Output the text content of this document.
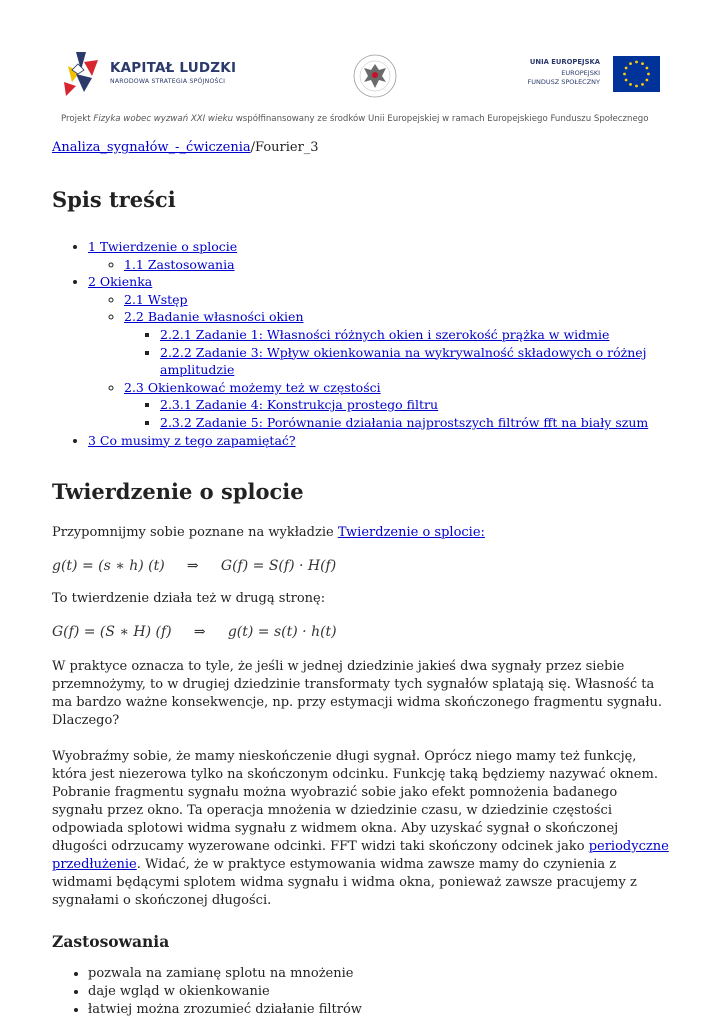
KAPITAŁ LUDZKI
NARODOWA STRATEGIA SPÓJNOŚCI
UNIA EUROPEJSKA
EUROPEJSKI
FUNDUSZ SPOŁECZNY
Projekt Fizyka wobec wyzwań XXI wieku współfinansowany ze środków Unii Europejskiej w ramach Europejskiego Funduszu Społecznego
Analiza_sygnałów_-_ćwiczenia/Fourier_3
Spis treści
• 1 Twierdzenie o splocie
◦ 1.1 Zastosowania
• 2 Okienka
◦ 2.1 Wstęp
◦ 2.2 Badanie własności okien
▪ 2.2.1 Zadanie 1: Własności różnych okien i szerokość prążka w widmie
▪ 2.2.2 Zadanie 3: Wpływ okienkowania na wykrywalność składowych o różnej amplitudzie
◦ 2.3 Okienkować możemy też w częstości
▪ 2.3.1 Zadanie 4: Konstrukcja prostego filtru
▪ 2.3.2 Zadanie 5: Porównanie działania najprostszych filtrów fft na biały szum
• 3 Co musimy z tego zapamiętać?
Twierdzenie o splocie

Przypomnijmy sobie poznane na wykładzie Twierdzenie o splocie:

g(t) = (s ∗ h) (t)     ⇒     G(f) = S(f) · H(f)

To twierdzenie działa też w drugą stronę:

G(f) = (S ∗ H) (f)     ⇒     g(t) = s(t) · h(t)

W praktyce oznacza to tyle, że jeśli w jednej dziedzinie jakieś dwa sygnały przez siebie przemnożymy, to w drugiej dziedzinie transformaty tych sygnałów splatają się. Własność ta ma bardzo ważne konsekwencje, np. przy estymacji widma skończonego fragmentu sygnału. Dlaczego?

Wyobraźmy sobie, że mamy nieskończenie długi sygnał. Oprócz niego mamy też funkcję, która jest niezerowa tylko na skończonym odcinku. Funkcję taką będziemy nazywać oknem. Pobranie fragmentu sygnału można wyobrazić sobie jako efekt pomnożenia badanego sygnału przez okno. Ta operacja mnożenia w dziedzinie czasu, w dziedzinie częstości odpowiada splotowi widma sygnału z widmem okna. Aby uzyskać sygnał o skończonej długości odrzucamy wyzerowane odcinki. FFT widzi taki skończony odcinek jako periodyczne przedłużenie. Widać, że w praktyce estymowania widma zawsze mamy do czynienia z widmami będącymi splotem widma sygnału i widma okna, ponieważ zawsze pracujemy z sygnałami o skończonej długości.

Zastosowania
• pozwala na zamianę splotu na mnożenie
• daje wgląd w okienkowanie
• łatwiej można zrozumieć działanie filtrów
